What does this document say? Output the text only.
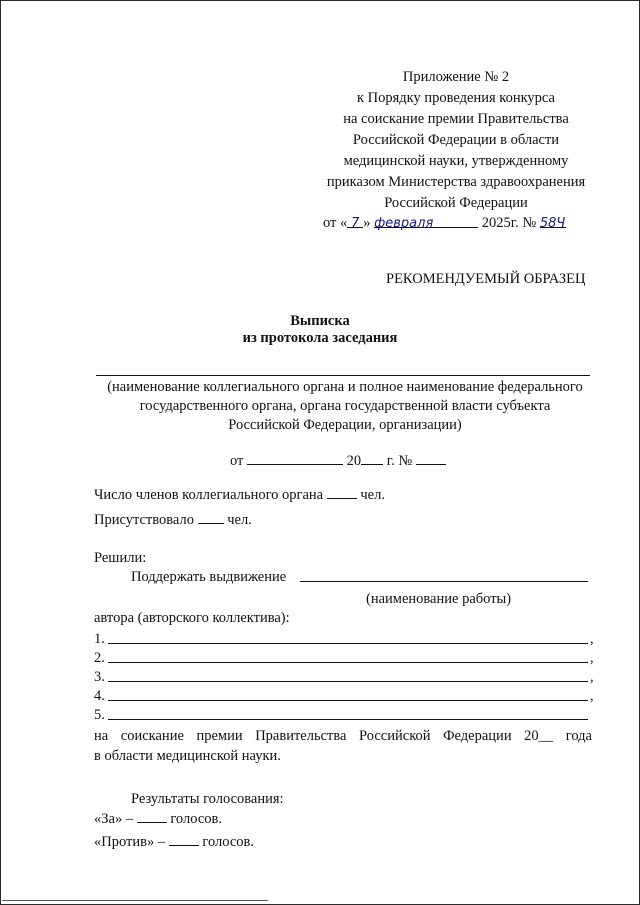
Приложение № 2
к Порядку проведения конкурса
на соискание премии Правительства
Российской Федерации в области
медицинской науки, утвержденному
приказом Министерства здравоохранения
Российской Федерации
от « 7 » февраля	2025г. № 58Ч
РЕКОМЕНДУЕМЫЙ ОБРАЗЕЦ
Выписка
из протокола заседания
(наименование коллегиального органа и полное наименование федерального
государственного органа, органа государственной власти субъекта
Российской Федерации, организации)
от	20 г. №
Число членов коллегиального органа	чел.
Присутствовало чел.
Решили:
Поддержать выдвижение
(наименование работы)
автора (авторского коллектива):
1.	,
2.	,
3.	,
4.	,
5.
на соискание премии Правительства Российской Федерации 20__ года
в области медицинской науки.
Результаты голосования:
«За» –	голосов.
«Против» –	голосов.
